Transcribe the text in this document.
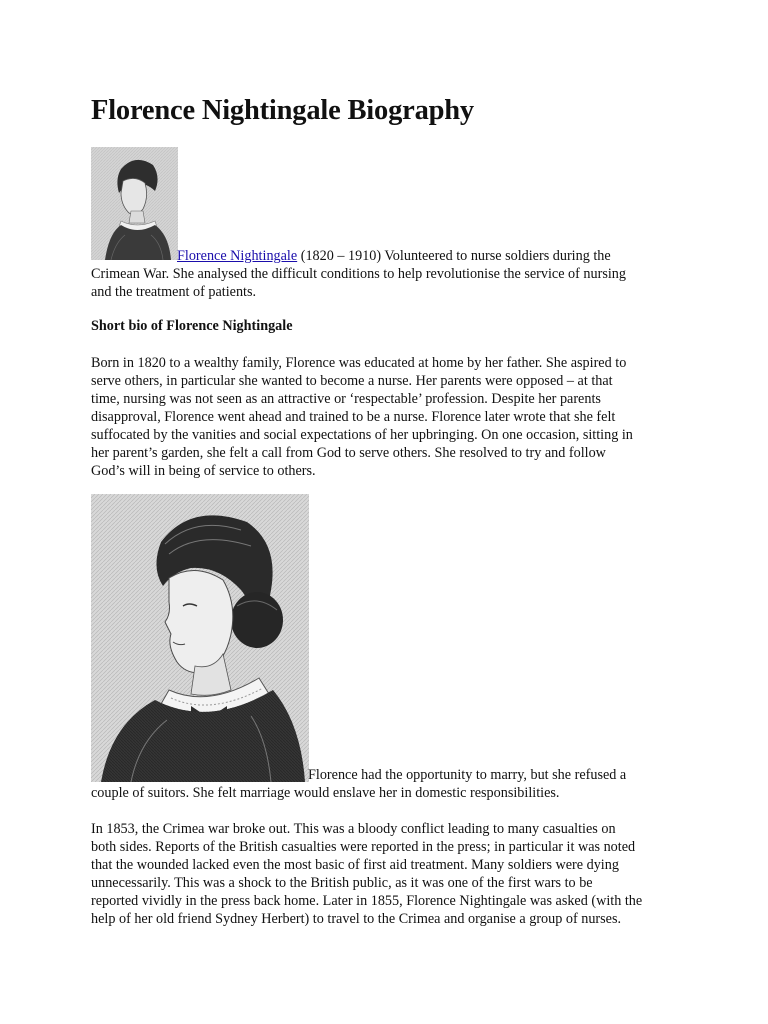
Florence Nightingale Biography

Florence Nightingale (1820 – 1910) Volunteered to nurse soldiers during the
Crimean War. She analysed the difficult conditions to help revolutionise the service of nursing
and the treatment of patients.

Short bio of Florence Nightingale

Born in 1820 to a wealthy family, Florence was educated at home by her father. She aspired to
serve others, in particular she wanted to become a nurse. Her parents were opposed – at that
time, nursing was not seen as an attractive or ‘respectable’ profession. Despite her parents
disapproval, Florence went ahead and trained to be a nurse. Florence later wrote that she felt
suffocated by the vanities and social expectations of her upbringing. On one occasion, sitting in
her parent’s garden, she felt a call from God to serve others. She resolved to try and follow
God’s will in being of service to others.

Florence had the opportunity to marry, but she refused a
couple of suitors. She felt marriage would enslave her in domestic responsibilities.

In 1853, the Crimea war broke out. This was a bloody conflict leading to many casualties on
both sides. Reports of the British casualties were reported in the press; in particular it was noted
that the wounded lacked even the most basic of first aid treatment. Many soldiers were dying
unnecessarily. This was a shock to the British public, as it was one of the first wars to be
reported vividly in the press back home. Later in 1855, Florence Nightingale was asked (with the
help of her old friend Sydney Herbert) to travel to the Crimea and organise a group of nurses.
